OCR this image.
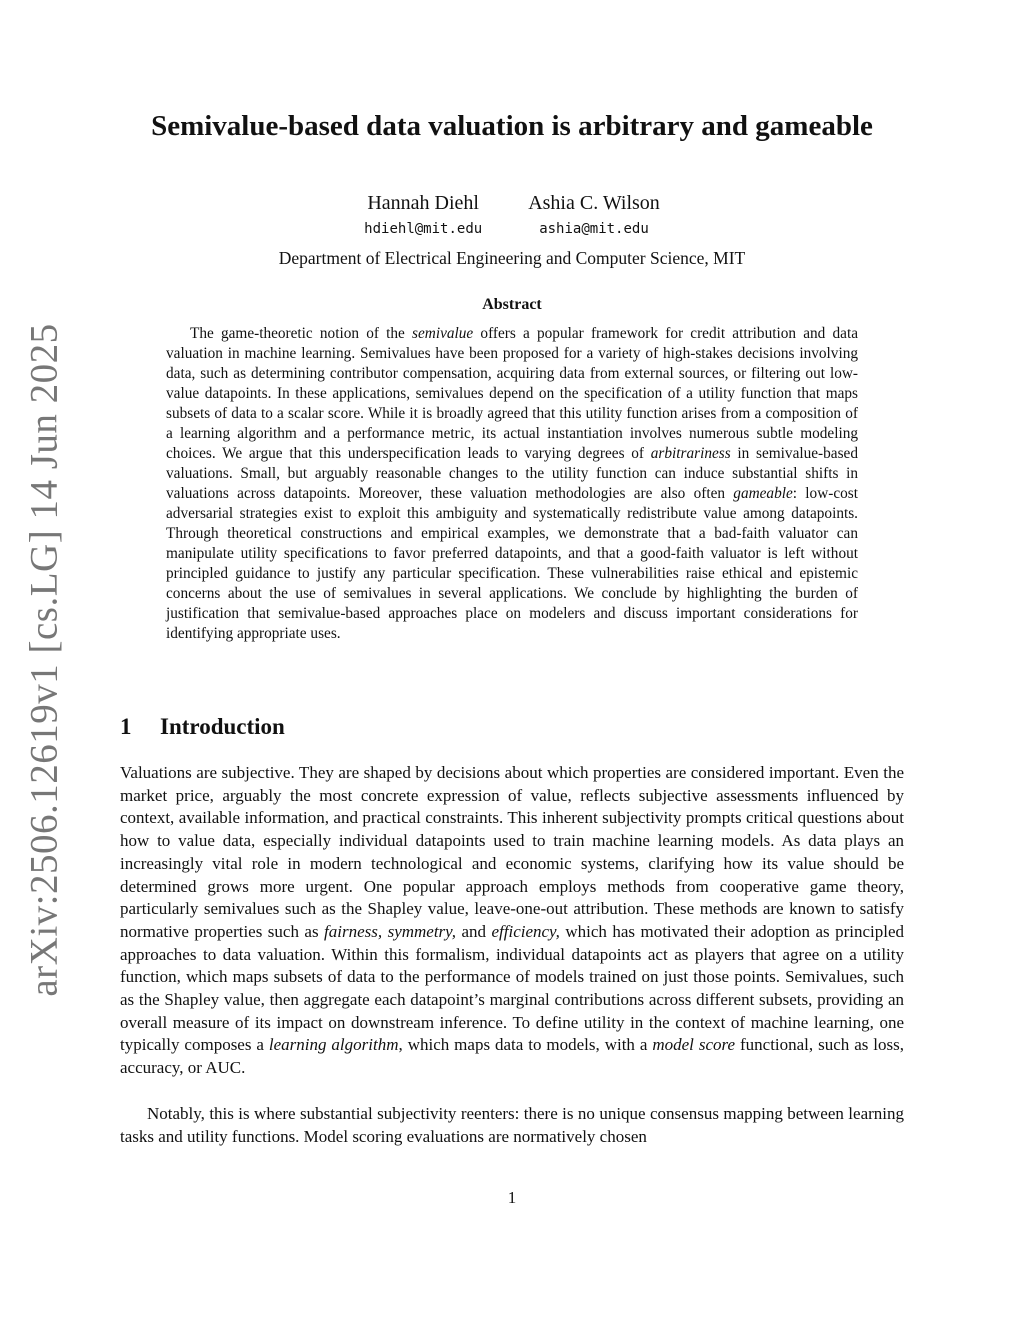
arXiv:2506.12619v1 [cs.LG] 14 Jun 2025
Semivalue-based data valuation is arbitrary and gameable
Hannah Diehl
hdiehl@mit.edu
Ashia C. Wilson
ashia@mit.edu
Department of Electrical Engineering and Computer Science, MIT
Abstract

The game-theoretic notion of the semivalue offers a popular framework for credit attribution and data valuation in machine learning. Semivalues have been proposed for a variety of high-stakes decisions involving data, such as determining contributor compensation, acquiring data from external sources, or filtering out low-value datapoints. In these applications, semivalues depend on the specification of a utility function that maps subsets of data to a scalar score. While it is broadly agreed that this utility function arises from a composition of a learning algorithm and a performance metric, its actual instantiation involves numerous subtle modeling choices. We argue that this underspecification leads to varying degrees of arbitrariness in semivalue-based valuations. Small, but arguably reasonable changes to the utility function can induce substantial shifts in valuations across datapoints. Moreover, these valuation methodologies are also often gameable: low-cost adversarial strategies exist to exploit this ambiguity and systematically redistribute value among datapoints. Through theoretical constructions and empirical examples, we demonstrate that a bad-faith valuator can manipulate utility specifications to favor preferred datapoints, and that a good-faith valuator is left without principled guidance to justify any particular specification. These vulnerabilities raise ethical and epistemic concerns about the use of semivalues in several applications. We conclude by highlighting the burden of justification that semivalue-based approaches place on modelers and discuss important considerations for identifying appropriate uses.

1 Introduction

Valuations are subjective. They are shaped by decisions about which properties are considered important. Even the market price, arguably the most concrete expression of value, reflects subjective assessments influenced by context, available information, and practical constraints. This inherent subjectivity prompts critical questions about how to value data, especially individual datapoints used to train machine learning models. As data plays an increasingly vital role in modern technological and economic systems, clarifying how its value should be determined grows more urgent. One popular approach employs methods from cooperative game theory, particularly semivalues such as the Shapley value, leave-one-out attribution. These methods are known to satisfy normative properties such as fairness, symmetry, and efficiency, which has motivated their adoption as principled approaches to data valuation. Within this formalism, individual datapoints act as players that agree on a utility function, which maps subsets of data to the performance of models trained on just those points. Semivalues, such as the Shapley value, then aggregate each datapoint’s marginal contributions across different subsets, providing an overall measure of its impact on downstream inference. To define utility in the context of machine learning, one typically composes a learning algorithm, which maps data to models, with a model score functional, such as loss, accuracy, or AUC.

Notably, this is where substantial subjectivity reenters: there is no unique consensus mapping between learning tasks and utility functions. Model scoring evaluations are normatively chosen

1
